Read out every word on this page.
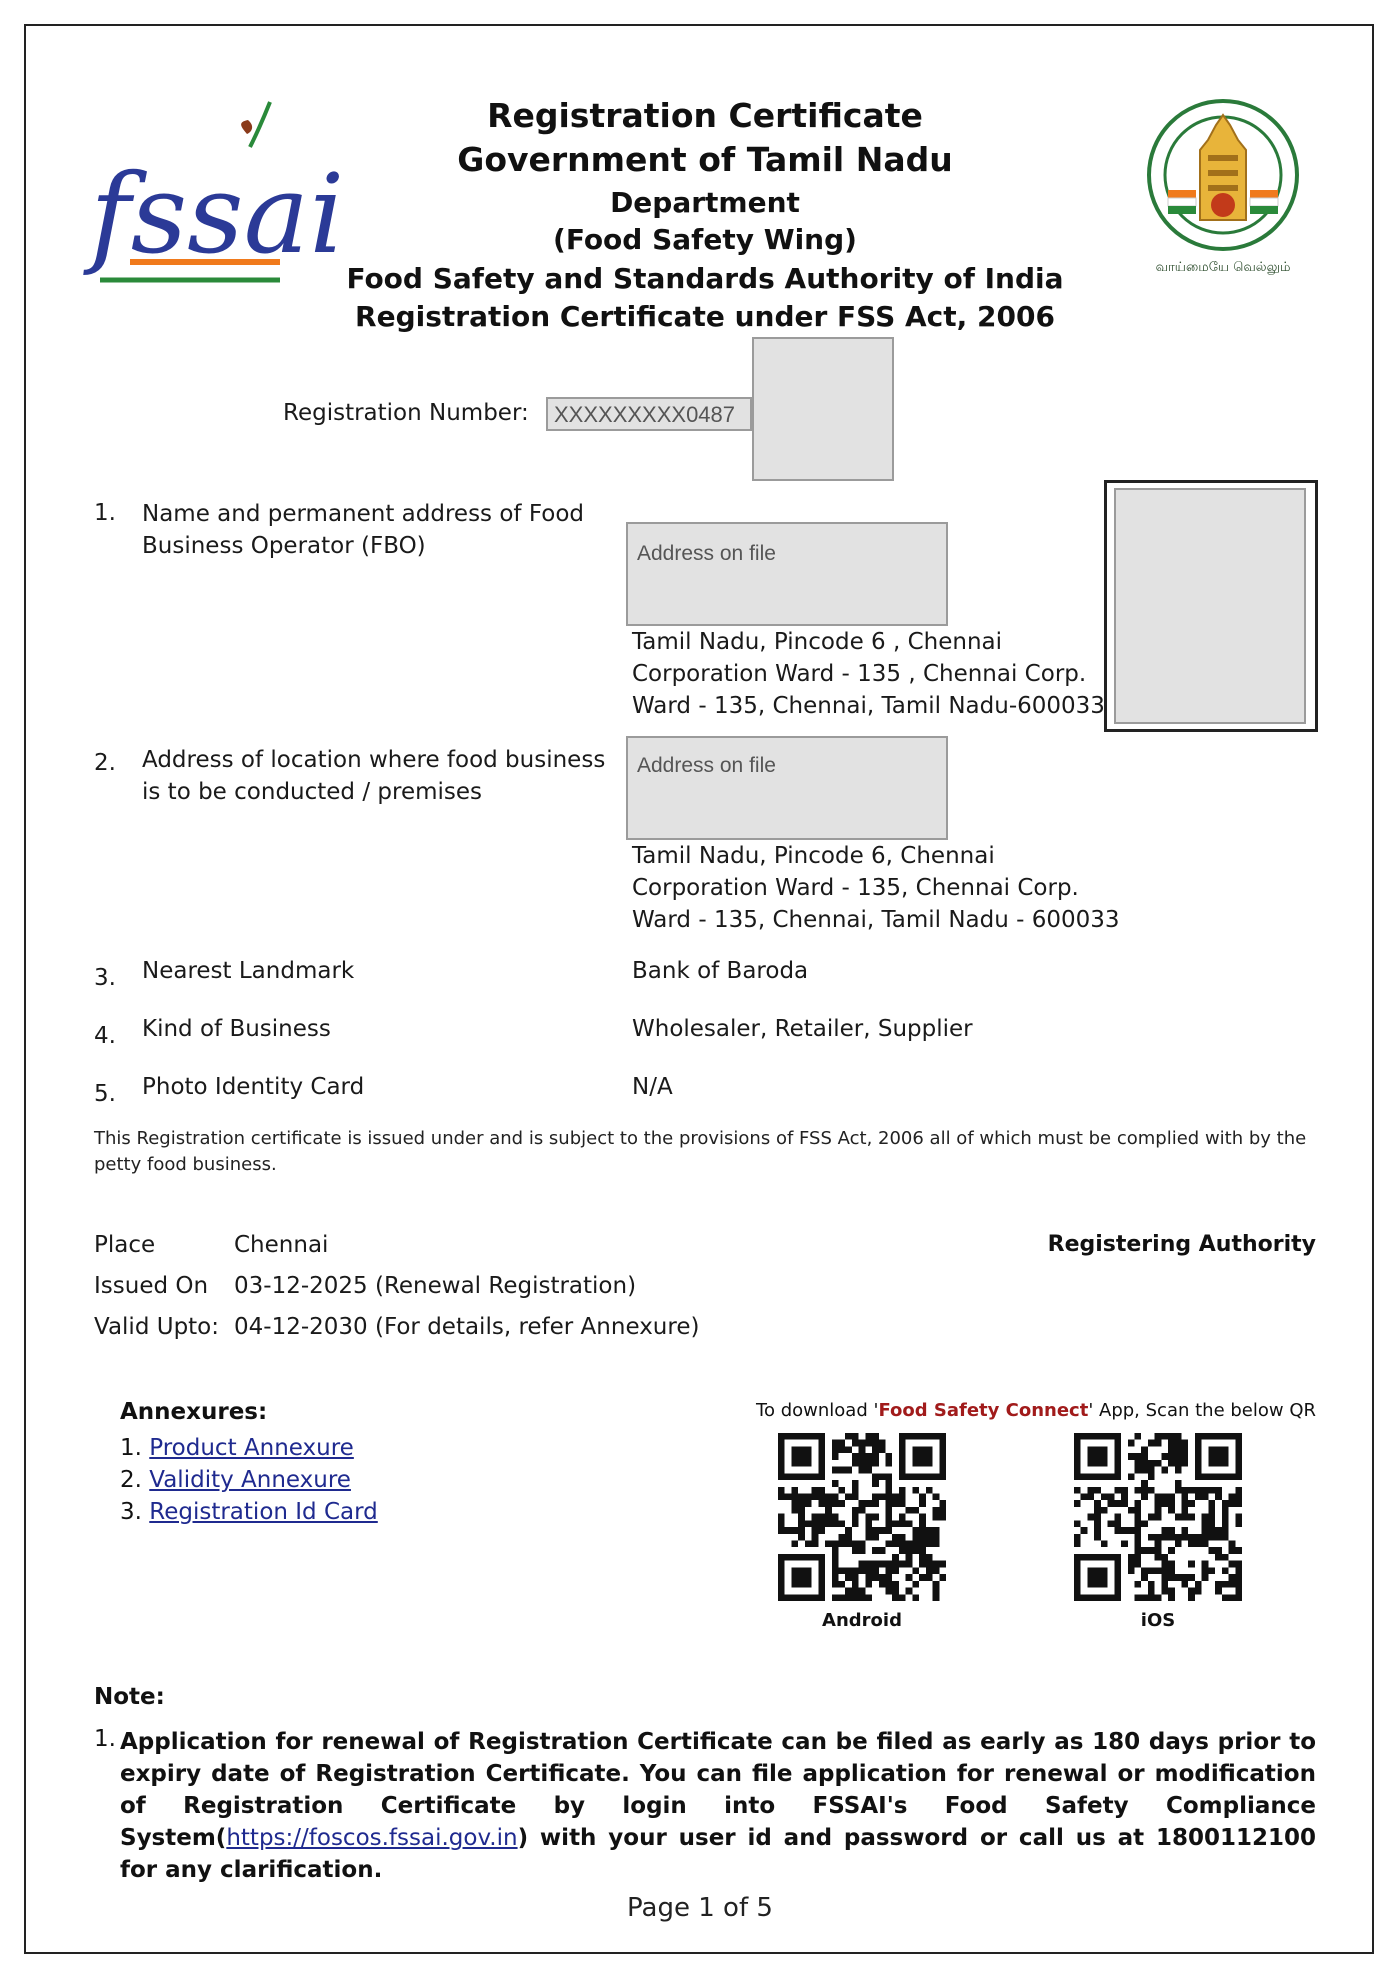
fssai	வாய்மையே வெல்லும்
Registration Certificate
Government of Tamil Nadu
Department
(Food Safety Wing)
Food Safety and Standards Authority of India
Registration Certificate under FSS Act, 2006
Registration Number: XXXXXXXXX0487
1. Name and permanent address of Food Business Operator (FBO)	Address on file
Tamil Nadu, Pincode 6 , Chennai
Corporation Ward - 135 , Chennai Corp.
Ward - 135, Chennai, Tamil Nadu-600033
2. Address of location where food business is to be conducted / premises
Address on file
Tamil Nadu, Pincode 6, Chennai
Corporation Ward - 135, Chennai Corp.
Ward - 135, Chennai, Tamil Nadu - 600033
3. Nearest Landmark	Bank of Baroda
4. Kind of Business	Wholesaler, Retailer, Supplier
5. Photo Identity Card	N/A
This Registration certificate is issued under and is subject to the provisions of FSS Act, 2006 all of which must be complied with by the petty food business.
Place	Chennai	Registering Authority
Issued On 03-12-2025 (Renewal Registration)
Valid Upto: 04-12-2030 (For details, refer Annexure)
Annexures:
1. Product Annexure
2. Validity Annexure
3. Registration Id Card
To download 'Food Safety Connect' App, Scan the below QR
Android	iOS
Note:
1. Application for renewal of Registration Certificate can be filed as early as 180 days prior to expiry date of Registration Certificate. You can file application for renewal or modification of Registration Certificate by login into FSSAI's Food Safety Compliance System(https://foscos.fssai.gov.in) with your user id and password or call us at 1800112100 for any clarification.
Page 1 of 5
